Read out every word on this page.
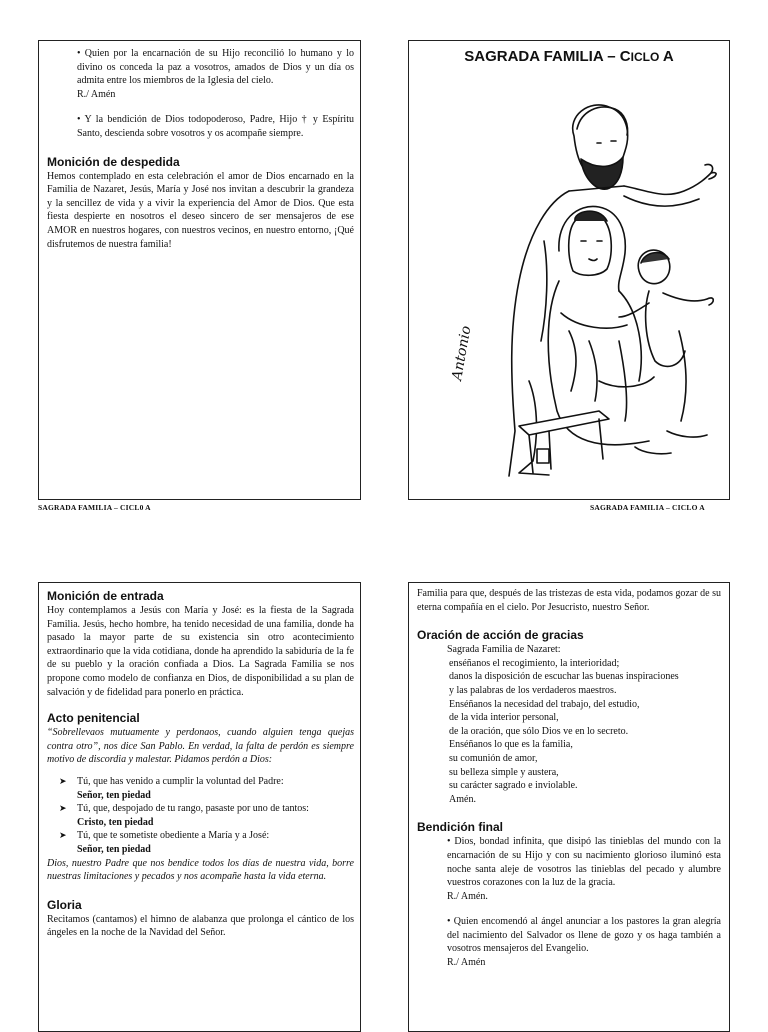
• Quien por la encarnación de su Hijo reconcilió lo humano y lo divino os conceda la paz a vosotros, amados de Dios y un día os admita entre los miembros de la Iglesia del cielo.

R./ Amén

• Y la bendición de Dios todopoderoso, Padre, Hijo † y Espíritu Santo, descienda sobre vosotros y os acompañe siempre.

Monición de despedida

Hemos contemplado en esta celebración el amor de Dios encarnado en la Familia de Nazaret, Jesús, María y José nos invitan a descubrir la grandeza y la sencillez de vida y a vivir la experiencia del Amor de Dios. Que esta fiesta despierte en nosotros el deseo sincero de ser mensajeros de ese AMOR en nuestros hogares, con nuestros vecinos, en nuestro entorno, ¡Qué disfrutemos de nuestra familia!

SAGRADA FAMILIA – CICLO A
Antonio
SAGRADA FAMILIA – CICL0 A	SAGRADA FAMILIA – CICLO A
Monición de entrada

Hoy contemplamos a Jesús con María y José: es la fiesta de la Sagrada Familia. Jesús, hecho hombre, ha tenido necesidad de una familia, donde ha pasado la mayor parte de su existencia sin otro acontecimiento extraordinario que la vida cotidiana, donde ha aprendido la sabiduría de la fe de su pueblo y la oración confiada a Dios. La Sagrada Familia se nos propone como modelo de confianza en Dios, de disponibilidad a su plan de salvación y de fidelidad para ponerlo en práctica.

Acto penitencial

“Sobrellevaos mutuamente y perdonaos, cuando alguien tenga quejas contra otro”, nos dice San Pablo. En verdad, la falta de perdón es siempre motivo de discordia y malestar. Pidamos perdón a Dios:

➤ Tú, que has venido a cumplir la voluntad del Padre:
Señor, ten piedad
➤ Tú, que, despojado de tu rango, pasaste por uno de tantos:
Cristo, ten piedad
➤ Tú, que te sometiste obediente a María y a José:
Señor, ten piedad

Dios, nuestro Padre que nos bendice todos los días de nuestra vida, borre nuestras limitaciones y pecados y nos acompañe hasta la vida eterna.

Gloria

Recitamos (cantamos) el himno de alabanza que prolonga el cántico de los ángeles en la noche de la Navidad del Señor.

Familia para que, después de las tristezas de esta vida, podamos gozar de su eterna compañía en el cielo. Por Jesucristo, nuestro Señor.

Oración de acción de gracias

Sagrada Familia de Nazaret:

enséñanos el recogimiento, la interioridad;

danos la disposición de escuchar las buenas inspiraciones

y las palabras de los verdaderos maestros.

Enséñanos la necesidad del trabajo, del estudio,

de la vida interior personal,

de la oración, que sólo Dios ve en lo secreto.

Enséñanos lo que es la familia,

su comunión de amor,

su belleza simple y austera,

su carácter sagrado e inviolable.

Amén.

Bendición final

• Dios, bondad infinita, que disipó las tinieblas del mundo con la encarnación de su Hijo y con su nacimiento glorioso iluminó esta noche santa aleje de vosotros las tinieblas del pecado y alumbre vuestros corazones con la luz de la gracia.

R./ Amén.

• Quien encomendó al ángel anunciar a los pastores la gran alegría del nacimiento del Salvador os llene de gozo y os haga también a vosotros mensajeros del Evangelio.

R./ Amén
